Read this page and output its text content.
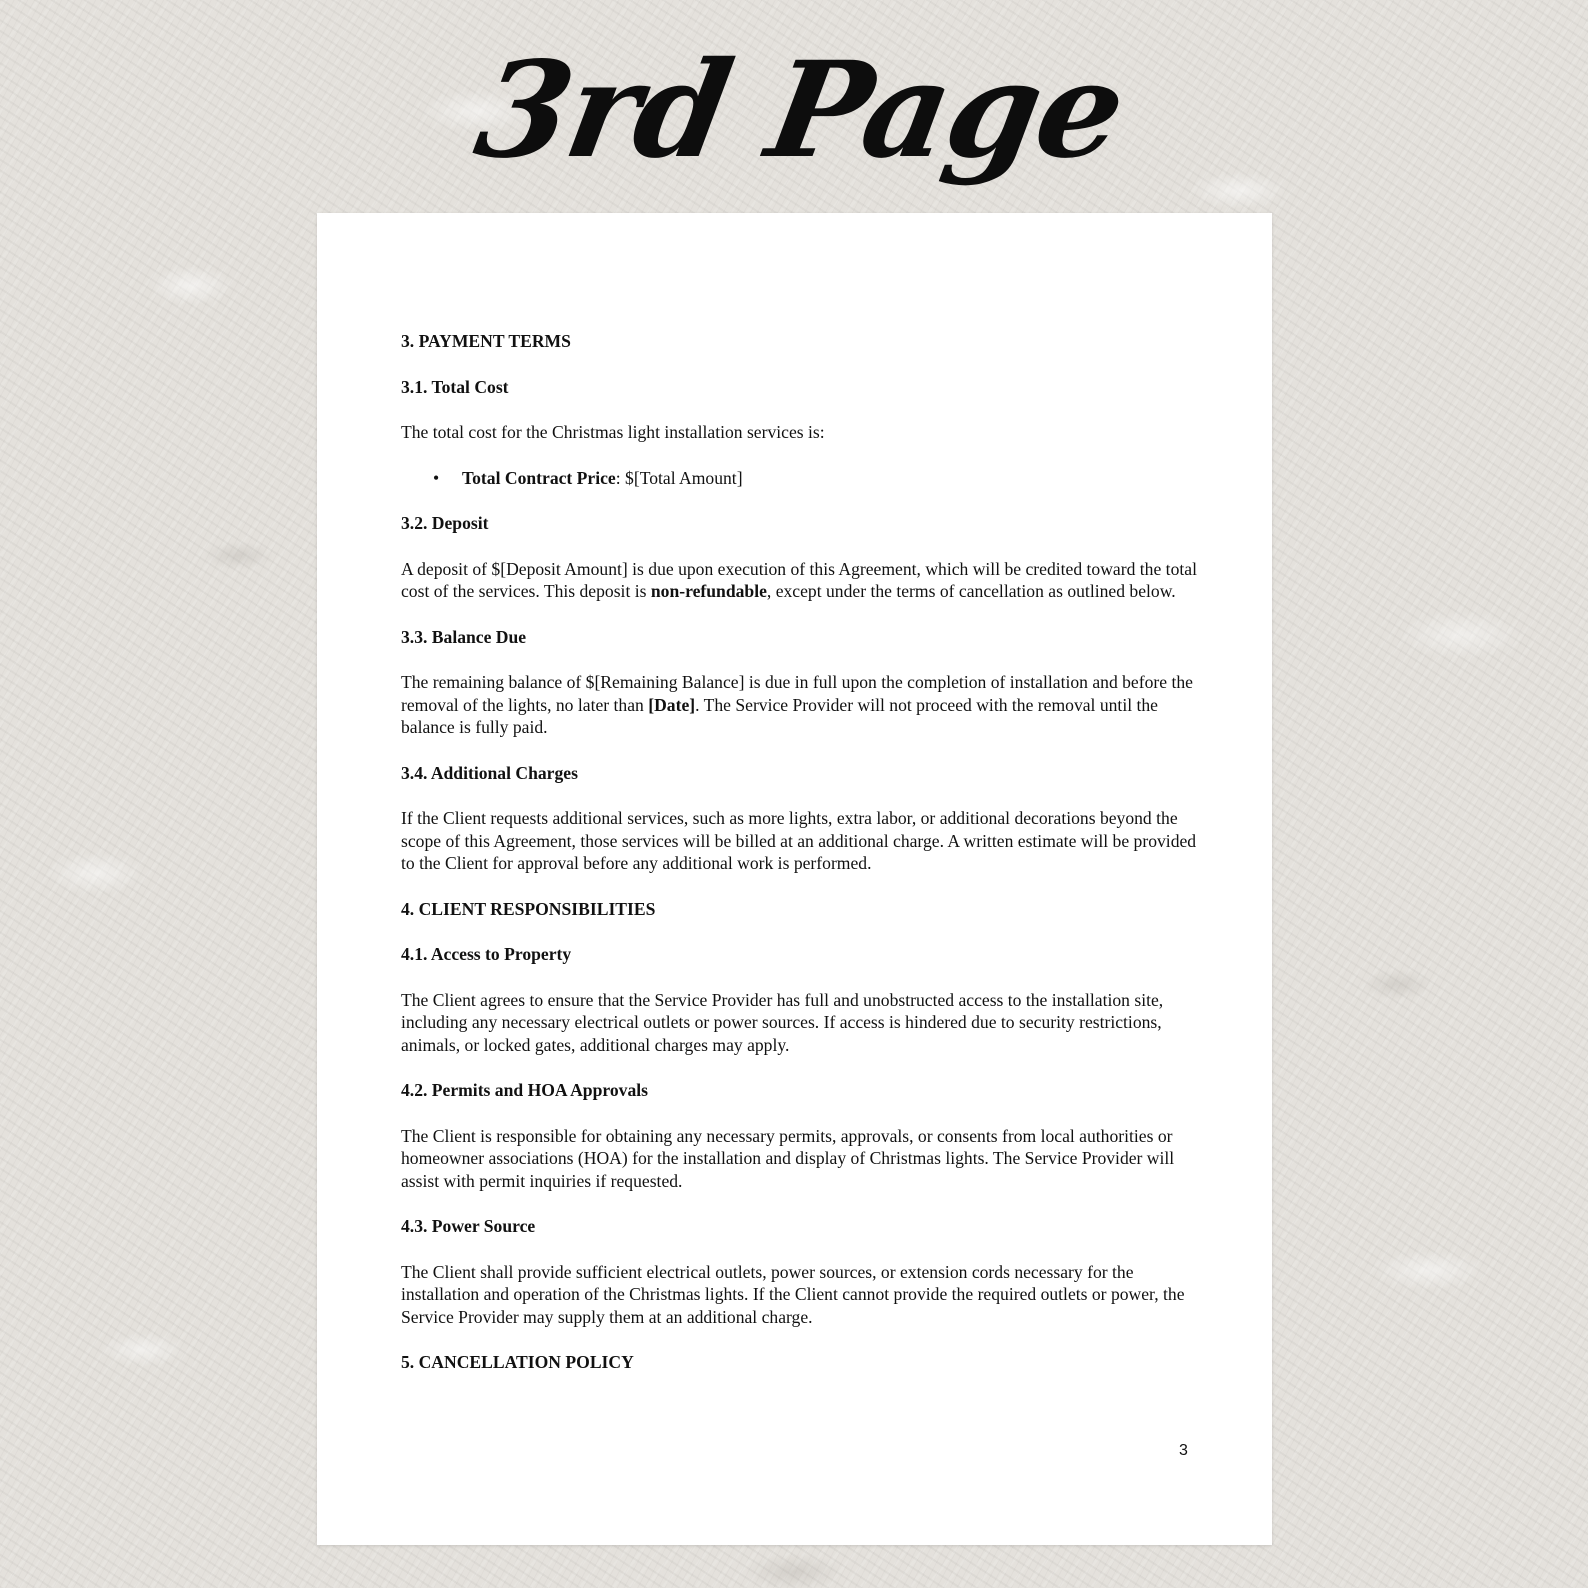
3rd Page

3. PAYMENT TERMS

3.1. Total Cost

The total cost for the Christmas light installation services is:

• Total Contract Price: $[Total Amount]

3.2. Deposit

A deposit of $[Deposit Amount] is due upon execution of this Agreement, which will be credited toward the total cost of the services. This deposit is non-refundable, except under the terms of cancellation as outlined below.

3.3. Balance Due

The remaining balance of $[Remaining Balance] is due in full upon the completion of installation and before the removal of the lights, no later than [Date]. The Service Provider will not proceed with the removal until the balance is fully paid.

3.4. Additional Charges

If the Client requests additional services, such as more lights, extra labor, or additional decorations beyond the scope of this Agreement, those services will be billed at an additional charge. A written estimate will be provided to the Client for approval before any additional work is performed.

4. CLIENT RESPONSIBILITIES

4.1. Access to Property

The Client agrees to ensure that the Service Provider has full and unobstructed access to the installation site, including any necessary electrical outlets or power sources. If access is hindered due to security restrictions, animals, or locked gates, additional charges may apply.

4.2. Permits and HOA Approvals

The Client is responsible for obtaining any necessary permits, approvals, or consents from local authorities or homeowner associations (HOA) for the installation and display of Christmas lights. The Service Provider will assist with permit inquiries if requested.

4.3. Power Source

The Client shall provide sufficient electrical outlets, power sources, or extension cords necessary for the installation and operation of the Christmas lights. If the Client cannot provide the required outlets or power, the Service Provider may supply them at an additional charge.

5. CANCELLATION POLICY

3
